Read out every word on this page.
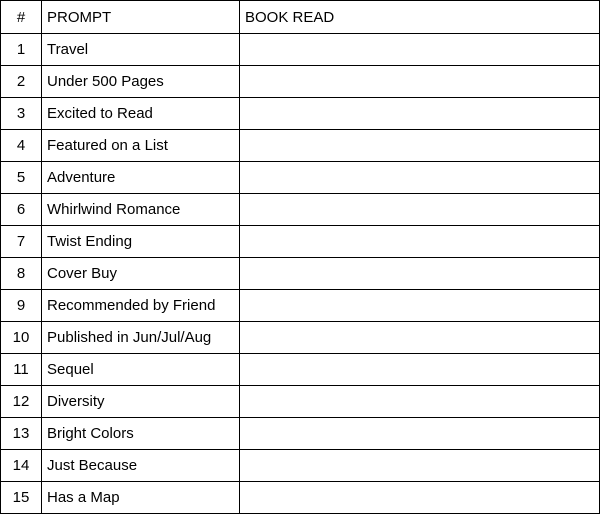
#	PROMPT	BOOK READ
1	Travel	
2	Under 500 Pages	
3	Excited to Read	
4	Featured on a List	
5	Adventure	
6	Whirlwind Romance	
7	Twist Ending	
8	Cover Buy	
9	Recommended by Friend	
10	Published in Jun/Jul/Aug	
11	Sequel	
12	Diversity	
13	Bright Colors	
14	Just Because	
15	Has a Map	
